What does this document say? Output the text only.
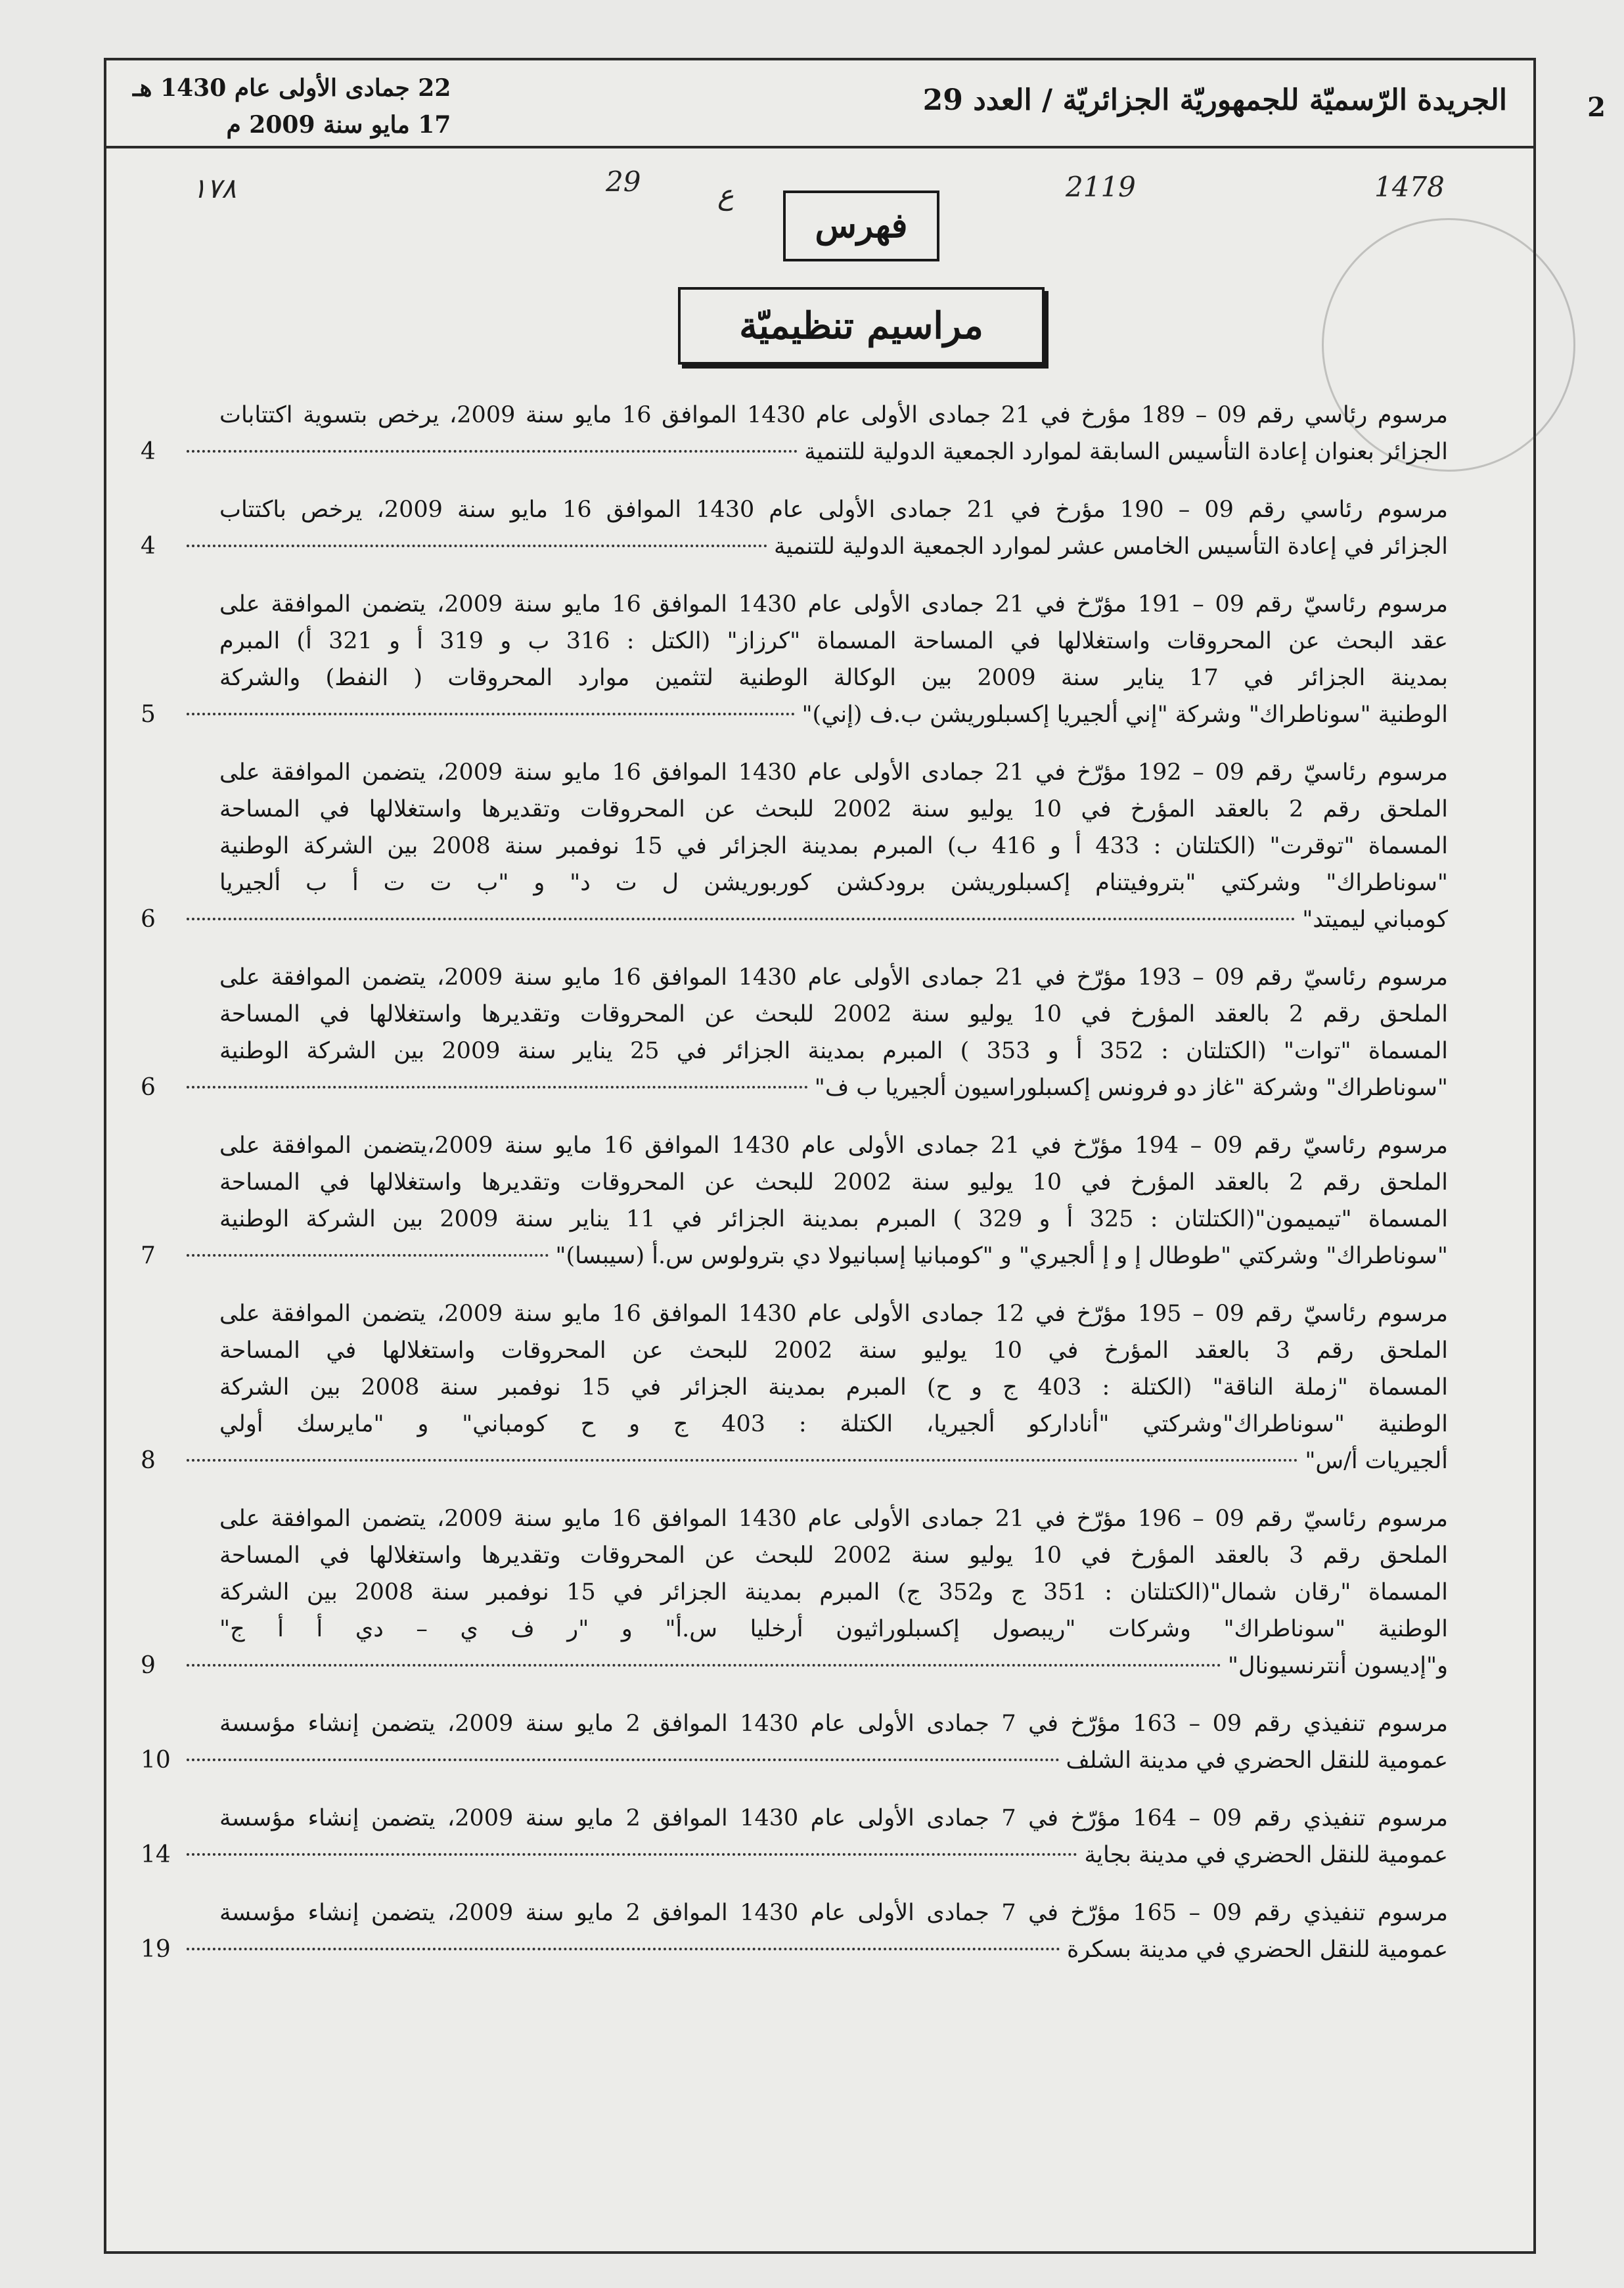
الجريدة الرّسميّة للجمهوريّة الجزائريّة / العدد 29
22 جمادى الأولى عام 1430 هـ
17 مايو سنة 2009 م
2
١٧٨	29	ع	2119	1478
فهرس
مراسيم تنظيميّة
مرسوم رئاسي رقم 09 – 189 مؤرخ في 21 جمادى الأولى عام 1430 الموافق 16 مايو سنة 2009، يرخص بتسوية اكتتابات
الجزائر بعنوان إعادة التأسيس السابقة لموارد الجمعية الدولية للتنمية
4
مرسوم رئاسي رقم 09 – 190 مؤرخ في 21 جمادى الأولى عام 1430 الموافق 16 مايو سنة 2009، يرخص باكتتاب
الجزائر في إعادة التأسيس الخامس عشر لموارد الجمعية الدولية للتنمية
4
مرسوم رئاسيّ رقم 09 – 191 مؤرّخ في 21 جمادى الأولى عام 1430 الموافق 16 مايو سنة 2009، يتضمن الموافقة على
عقد البحث عن المحروقات واستغلالها في المساحة المسماة "كرزاز" (الكتل : 316 ب و 319 أ و 321 أ) المبرم
بمدينة الجزائر في 17 يناير سنة 2009 بين الوكالة الوطنية لتثمين موارد المحروقات ( النفط) والشركة
الوطنية "سوناطراك" وشركة "إني ألجيريا إكسبلوريشن ب.ف (إني)"
5
مرسوم رئاسيّ رقم 09 – 192 مؤرّخ في 21 جمادى الأولى عام 1430 الموافق 16 مايو سنة 2009، يتضمن الموافقة على
الملحق رقم 2 بالعقد المؤرخ في 10 يوليو سنة 2002 للبحث عن المحروقات وتقديرها واستغلالها في المساحة
المسماة "توقرت" (الكتلتان : 433 أ و 416 ب) المبرم بمدينة الجزائر في 15 نوفمبر سنة 2008 بين الشركة الوطنية
"سوناطراك" وشركتي "بتروفيتنام إكسبلوريشن برودكشن كوربوريشن ل ت د" و "ب ت ت أ ب ألجيريا
كومباني ليميتد"
6
مرسوم رئاسيّ رقم 09 – 193 مؤرّخ في 21 جمادى الأولى عام 1430 الموافق 16 مايو سنة 2009، يتضمن الموافقة على
الملحق رقم 2 بالعقد المؤرخ في 10 يوليو سنة 2002 للبحث عن المحروقات وتقديرها واستغلالها في المساحة
المسماة "توات" (الكتلتان : 352 أ و 353 ) المبرم بمدينة الجزائر في 25 يناير سنة 2009 بين الشركة الوطنية
"سوناطراك" وشركة "غاز دو فرونس إكسبلوراسيون ألجيريا ب ف"
6
مرسوم رئاسيّ رقم 09 – 194 مؤرّخ في 21 جمادى الأولى عام 1430 الموافق 16 مايو سنة 2009،يتضمن الموافقة على
الملحق رقم 2 بالعقد المؤرخ في 10 يوليو سنة 2002 للبحث عن المحروقات وتقديرها واستغلالها في المساحة
المسماة "تيميمون"(الكتلتان : 325 أ و 329 ) المبرم بمدينة الجزائر في 11 يناير سنة 2009 بين الشركة الوطنية
"سوناطراك" وشركتي "طوطال إ و إ ألجيري" و "كومبانيا إسبانيولا دي بترولوس س.أ (سيبسا)"
7
مرسوم رئاسيّ رقم 09 – 195 مؤرّخ في 12 جمادى الأولى عام 1430 الموافق 16 مايو سنة 2009، يتضمن الموافقة على
الملحق رقم 3 بالعقد المؤرخ في 10 يوليو سنة 2002 للبحث عن المحروقات واستغلالها في المساحة
المسماة "زملة الناقة" (الكتلة : 403 ج و ح) المبرم بمدينة الجزائر في 15 نوفمبر سنة 2008 بين الشركة
الوطنية "سوناطراك"وشركتي "أناداركو ألجيريا، الكتلة : 403 ج و ح كومباني" و "مايرسك أولي
ألجيريات أ/س"
8
مرسوم رئاسيّ رقم 09 – 196 مؤرّخ في 21 جمادى الأولى عام 1430 الموافق 16 مايو سنة 2009، يتضمن الموافقة على
الملحق رقم 3 بالعقد المؤرخ في 10 يوليو سنة 2002 للبحث عن المحروقات وتقديرها واستغلالها في المساحة
المسماة "رقان شمال"(الكتلتان : 351 ج و352 ج) المبرم بمدينة الجزائر في 15 نوفمبر سنة 2008 بين الشركة
الوطنية "سوناطراك" وشركات "ريبصول إكسبلوراثيون أرخليا س.أ" و "ر ف ي – دي أ أ ج"
و"إديسون أنترنسيونال"
9
مرسوم تنفيذي رقم 09 – 163 مؤرّخ في 7 جمادى الأولى عام 1430 الموافق 2 مايو سنة 2009، يتضمن إنشاء مؤسسة
عمومية للنقل الحضري في مدينة الشلف
10
مرسوم تنفيذي رقم 09 – 164 مؤرّخ في 7 جمادى الأولى عام 1430 الموافق 2 مايو سنة 2009، يتضمن إنشاء مؤسسة
عمومية للنقل الحضري في مدينة بجاية
14
مرسوم تنفيذي رقم 09 – 165 مؤرّخ في 7 جمادى الأولى عام 1430 الموافق 2 مايو سنة 2009، يتضمن إنشاء مؤسسة
عمومية للنقل الحضري في مدينة بسكرة
19
